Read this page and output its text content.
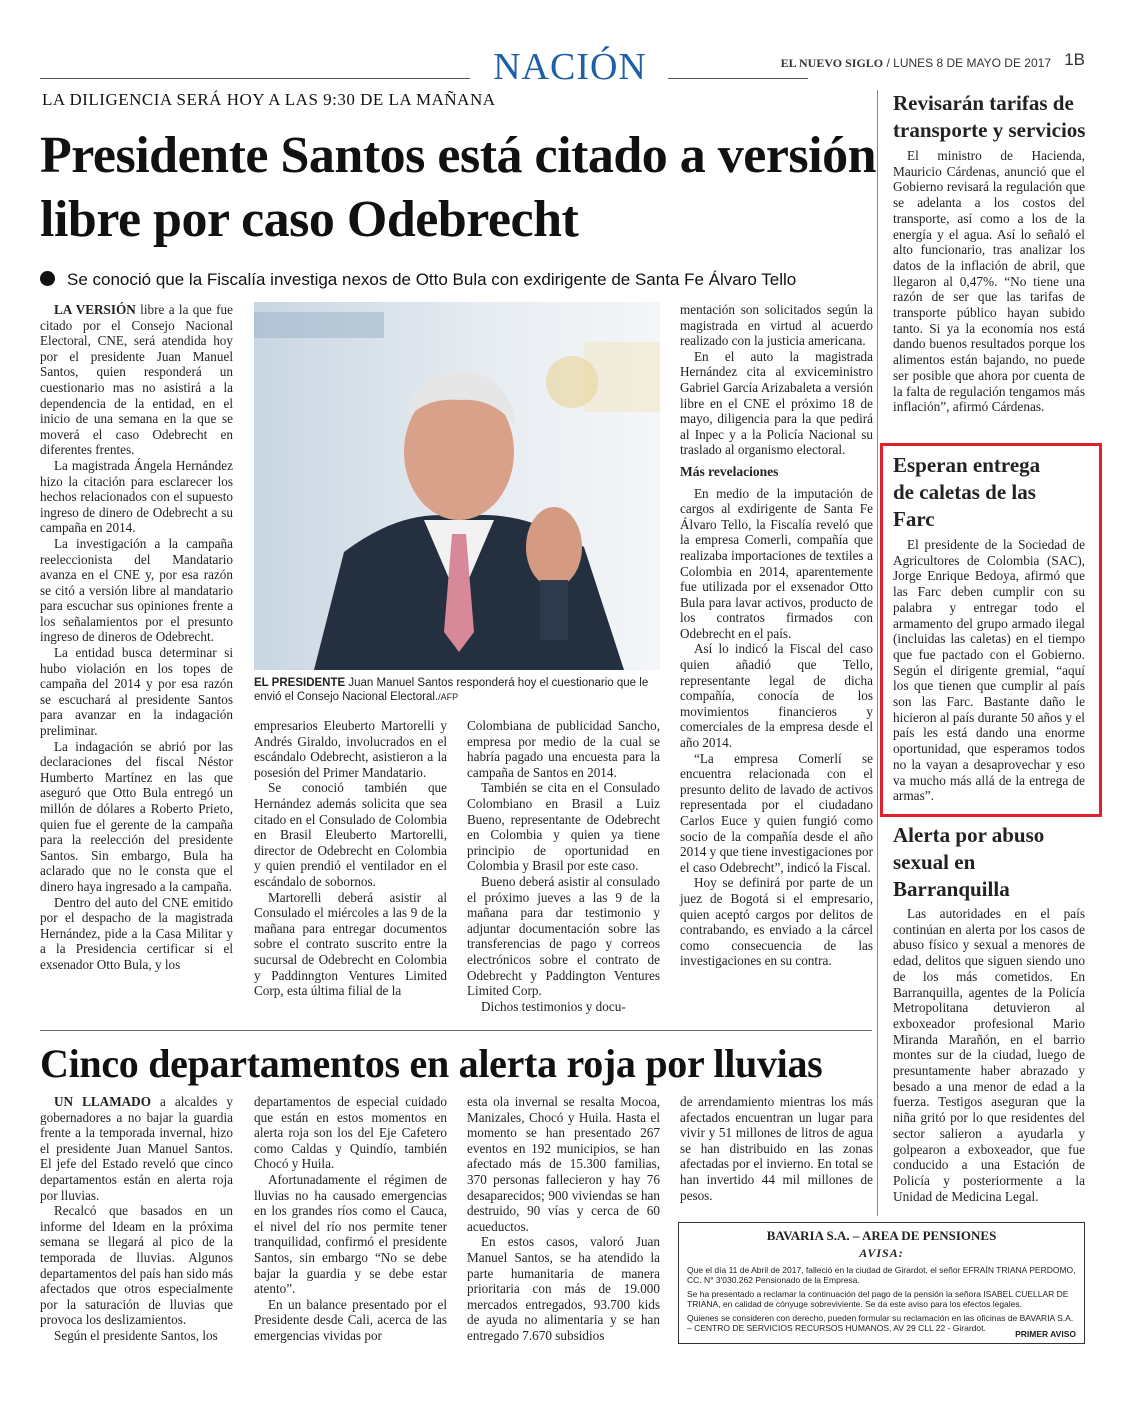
NACIÓN	EL NUEVO SIGLO / LUNES 8 DE MAYO DE 2017 1B
LA DILIGENCIA SERÁ HOY A LAS 9:30 DE LA MAÑANA
Presidente Santos está citado a versión libre por caso Odebrecht
Se conoció que la Fiscalía investiga nexos de Otto Bula con exdirigente de Santa Fe Álvaro Tello

LA VERSIÓN libre a la que fue citado por el Consejo Nacional Electoral, CNE, será atendida hoy por el presidente Juan Manuel Santos, quien responderá un cuestionario mas no asistirá a la dependencia de la entidad, en el inicio de una semana en la que se moverá el caso Odebrecht en diferentes frentes.

La magistrada Ángela Hernández hizo la citación para esclarecer los hechos relacionados con el supuesto ingreso de dinero de Odebrecht a su campaña en 2014.

La investigación a la campaña reeleccionista del Mandatario avanza en el CNE y, por esa razón se citó a versión libre al mandatario para escuchar sus opiniones frente a los señalamientos por el presunto ingreso de dineros de Odebrecht.

La entidad busca determinar si hubo violación en los topes de campaña del 2014 y por esa razón se escuchará al presidente Santos para avanzar en la indagación preliminar.

La indagación se abrió por las declaraciones del fiscal Néstor Humberto Martínez en las que aseguró que Otto Bula entregó un millón de dólares a Roberto Prieto, quien fue el gerente de la campaña para la reelección del presidente Santos. Sin embargo, Bula ha aclarado que no le consta que el dinero haya ingresado a la campaña.

Dentro del auto del CNE emitido por el despacho de la magistrada Hernández, pide a la Casa Militar y a la Presidencia certificar si el exsenador Otto Bula, y los

EL PRESIDENTE Juan Manuel Santos responderá hoy el cuestionario que le envió el Consejo Nacional Electoral./AFP

empresarios Eleuberto Martorelli y Andrés Giraldo, involucrados en el escándalo Odebrecht, asistieron a la posesión del Primer Mandatario.

Se conoció también que Hernández además solicita que sea citado en el Consulado de Colombia en Brasil Eleuberto Martorelli, director de Odebrecht en Colombia y quien prendió el ventilador en el escándalo de sobornos.

Martorelli deberá asistir al Consulado el miércoles a las 9 de la mañana para entregar documentos sobre el contrato suscrito entre la sucursal de Odebrecht en Colombia y Paddinngton Ventures Limited Corp, esta última filial de la

Colombiana de publicidad Sancho, empresa por medio de la cual se habría pagado una encuesta para la campaña de Santos en 2014.

También se cita en el Consulado Colombiano en Brasil a Luiz Bueno, representante de Odebrecht en Colombia y quien ya tiene principio de oportunidad en Colombia y Brasil por este caso.

Bueno deberá asistir al consulado el próximo jueves a las 9 de la mañana para dar testimonio y adjuntar documentación sobre las transferencias de pago y correos electrónicos sobre el contrato de Odebrecht y Paddington Ventures Limited Corp.

Dichos testimonios y docu-

mentación son solicitados según la magistrada en virtud al acuerdo realizado con la justicia americana.

En el auto la magistrada Hernández cita al exviceministro Gabriel García Arizabaleta a versión libre en el CNE el próximo 18 de mayo, diligencia para la que pedirá al Inpec y a la Policía Nacional su traslado al organismo electoral.

Más revelaciones

En medio de la imputación de cargos al exdirigente de Santa Fe Álvaro Tello, la Fiscalía reveló que la empresa Comerli, compañía que realizaba importaciones de textiles a Colombia en 2014, aparentemente fue utilizada por el exsenador Otto Bula para lavar activos, producto de los contratos firmados con Odebrecht en el país.

Así lo indicó la Fiscal del caso quien añadió que Tello, representante legal de dicha compañía, conocía de los movimientos financieros y comerciales de la empresa desde el año 2014.

“La empresa Comerlí se encuentra relacionada con el presunto delito de lavado de activos representada por el ciudadano Carlos Euce y quien fungió como socio de la compañía desde el año 2014 y que tiene investigaciones por el caso Odebrecht”, indicó la Fiscal.

Hoy se definirá por parte de un juez de Bogotá si el empresario, quien aceptó cargos por delitos de contrabando, es enviado a la cárcel como consecuencia de las investigaciones en su contra.

Revisarán tarifas de transporte y servicios

El ministro de Hacienda, Mauricio Cárdenas, anunció que el Gobierno revisará la regulación que se adelanta a los costos del transporte, así como a los de la energía y el agua. Así lo señaló el alto funcionario, tras analizar los datos de la inflación de abril, que llegaron al 0,47%. “No tiene una razón de ser que las tarifas de transporte público hayan subido tanto. Si ya la economía nos está dando buenos resultados porque los alimentos están bajando, no puede ser posible que ahora por cuenta de la falta de regulación tengamos más inflación”, afirmó Cárdenas.

Esperan entrega de caletas de las Farc

El presidente de la Sociedad de Agricultores de Colombia (SAC), Jorge Enrique Bedoya, afirmó que las Farc deben cumplir con su palabra y entregar todo el armamento del grupo armado ilegal (incluidas las caletas) en el tiempo que fue pactado con el Gobierno. Según el dirigente gremial, “aquí los que tienen que cumplir al país son las Farc. Bastante daño le hicieron al país durante 50 años y el país les está dando una enorme oportunidad, que esperamos todos no la vayan a desaprovechar y eso va mucho más allá de la entrega de armas”.

Alerta por abuso sexual en Barranquilla

Las autoridades en el país continúan en alerta por los casos de abuso físico y sexual a menores de edad, delitos que siguen siendo uno de los más cometidos. En Barranquilla, agentes de la Policía Metropolitana detuvieron al exboxeador profesional Mario Miranda Marañón, en el barrio montes sur de la ciudad, luego de presuntamente haber abrazado y besado a una menor de edad a la fuerza. Testigos aseguran que la niña gritó por lo que residentes del sector salieron a ayudarla y golpearon a exboxeador, que fue conducido a una Estación de Policía y posteriormente a la Unidad de Medicina Legal.

Cinco departamentos en alerta roja por lluvias

UN LLAMADO a alcaldes y gobernadores a no bajar la guardia frente a la temporada invernal, hizo el presidente Juan Manuel Santos. El jefe del Estado reveló que cinco departamentos están en alerta roja por lluvias.

Recalcó que basados en un informe del Ideam en la próxima semana se llegará al pico de la temporada de lluvias. Algunos departamentos del país han sido más afectados que otros especialmente por la saturación de lluvias que provoca los deslizamientos.

Según el presidente Santos, los

departamentos de especial cuidado que están en estos momentos en alerta roja son los del Eje Cafetero como Caldas y Quindío, también Chocó y Huila.

Afortunadamente el régimen de lluvias no ha causado emergencias en los grandes ríos como el Cauca, el nivel del río nos permite tener tranquilidad, confirmó el presidente Santos, sin embargo “No se debe bajar la guardia y se debe estar atento”.

En un balance presentado por el Presidente desde Cali, acerca de las emergencias vividas por

esta ola invernal se resalta Mocoa, Manizales, Chocó y Huila. Hasta el momento se han presentado 267 eventos en 192 municipios, se han afectado más de 15.300 familias, 370 personas fallecieron y hay 76 desaparecidos; 900 viviendas se han destruido, 90 vías y cerca de 60 acueductos.

En estos casos, valoró Juan Manuel Santos, se ha atendido la parte humanitaria de manera prioritaria con más de 19.000 mercados entregados, 93.700 kids de ayuda no alimentaria y se han entregado 7.670 subsidios

de arrendamiento mientras los más afectados encuentran un lugar para vivir y 51 millones de litros de agua se han distribuido en las zonas afectadas por el invierno. En total se han invertido 44 mil millones de pesos.

BAVARIA S.A. – AREA DE PENSIONES
AVISA:
Que el día 11 de Abril de 2017, falleció en la ciudad de Girardot, el señor EFRAÍN TRIANA PERDOMO, CC. N° 3'030.262 Pensionado de la Empresa.
Se ha presentado a reclamar la continuación del pago de la pensión la señora ISABEL CUELLAR DE TRIANA, en calidad de cónyuge sobreviviente. Se da este aviso para los efectos legales.
Quienes se consideren con derecho, pueden formular su reclamación en las oficinas de BAVARIA S.A. – CENTRO DE SERVICIOS RECURSOS HUMANOS, AV 29 CLL 22 - Girardot.
PRIMER AVISO
